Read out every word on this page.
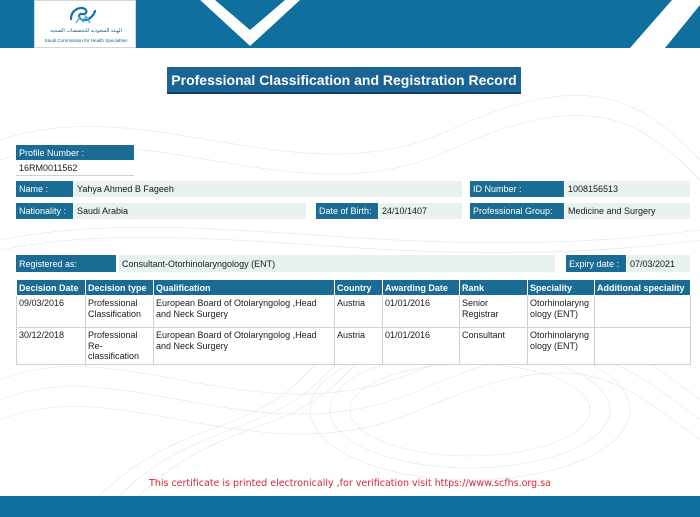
الهيئة السعودية للتخصصات الصحية
Saudi Commission for Health Specialties
Professional Classification and Registration Record
Profile Number :
16RM0011562
Name :	Yahya Ahmed B Fageeh	ID Number :	1008156513
Nationality :	Saudi Arabia	Date of Birth:	24/10/1407	Professional Group:	Medicine and Surgery
Registered as:	Consultant-Otorhinolaryngology (ENT)	Expiry date :	07/03/2021
Decision Date	Decision type	Qualification	Country	Awarding Date	Rank	Speciality	Additional speciality
09/03/2016	Professional Classification	European Board of Otolaryngolog ,Head and Neck Surgery	Austria	01/01/2016	Senior Registrar	Otorhinolaryng ology (ENT)	
30/12/2018	Professional Re-classification	European Board of Otolaryngolog ,Head and Neck Surgery	Austria	01/01/2016	Consultant	Otorhinolaryng ology (ENT)	
This certificate is printed electronically ,for verification visit https://www.scfhs.org.sa
